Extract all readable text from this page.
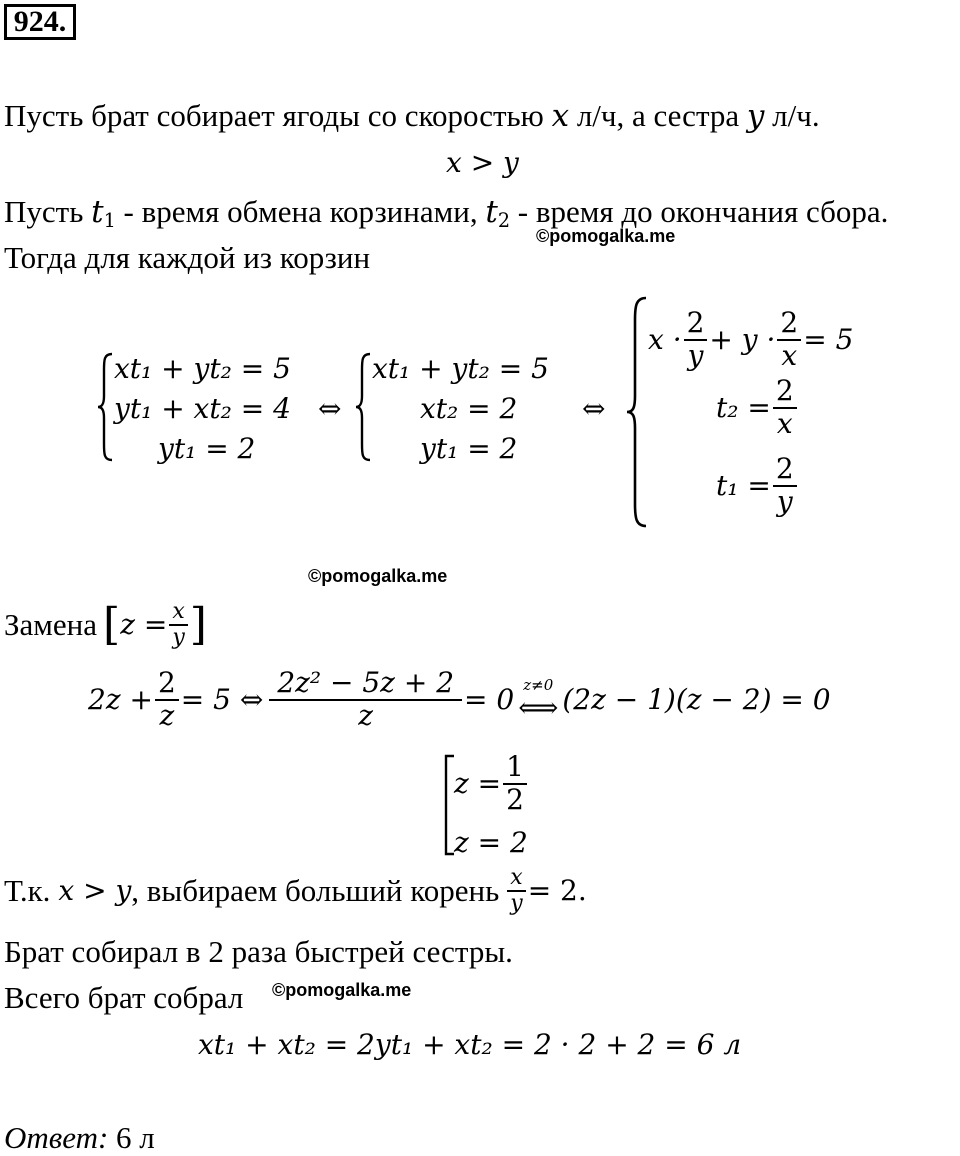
924.
Пусть брат собирает ягоды со скоростью x л/ч, а сестра y л/ч.
x > y
Пусть $t_1$ - время обмена корзинами, $t_2$ - время до окончания сбора.
©pomogalka.me
Тогда для каждой из корзин
xt₁ + yt₂ = 5
yt₁ + xt₂ = 4
yt₁ = 2
⇔
xt₁ + yt₂ = 5
xt₂ = 2
yt₁ = 2
⇔
$x \cdot \frac{2}{y} + y \cdot \frac{2}{x} = 5$
$t_2 = \frac{2}{x}$
$t_1 = \frac{2}{y}$
©pomogalka.me
Замена [ $z = \frac{x}{y}$ ]
$2z + \frac{2}{z} = 5$ ⇔ $\frac{\text{2z² − 5z + 2}}{z} = 0$ z≠0
⟺ (2z − 1)(z − 2) = 0
$z = \frac{1}{2}$
z = 2
Т.к. x > y , выбираем больший корень $\frac{x}{y} = 2$.
Брат собирал в 2 раза быстрей сестры.
Всего брат собрал ©pomogalka.me
xt₁ + xt₂ = 2yt₁ + xt₂ = 2 · 2 + 2 = 6 л
Ответ: 6 л
